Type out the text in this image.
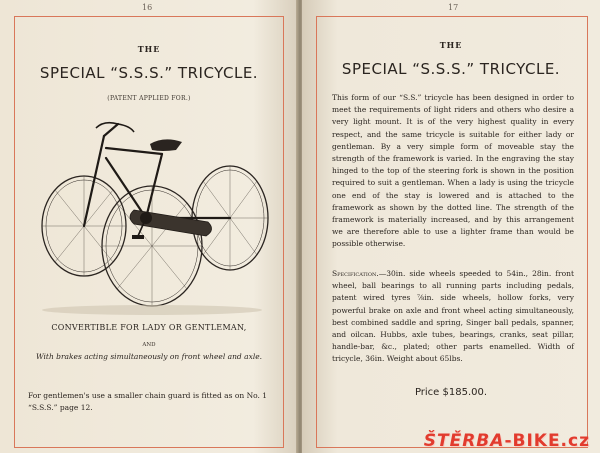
16
THE
SPECIAL “S.S.S.” TRICYCLE.
(PATENT APPLIED FOR.)
CONVERTIBLE FOR LADY OR GENTLEMAN,
AND
With brakes acting simultaneously on front wheel and axle.
For gentlemen's use a smaller chain guard is fitted as on No. 1 “S.S.S.” page 12.
17
THE
SPECIAL “S.S.S.” TRICYCLE.
This form of our “S.S.” tricycle has been designed in order to meet the requirements of light riders and others who desire a very light mount. It is of the very highest quality in every respect, and the same tricycle is suitable for either lady or gentleman. By a very simple form of moveable stay the strength of the framework is varied. In the engraving the stay hinged to the top of the steering fork is shown in the position required to suit a gentleman. When a lady is using the tricycle one end of the stay is lowered and is attached to the framework as shown by the dotted line. The strength of the framework is materially increased, and by this arrangement we are therefore able to use a lighter frame than would be possible otherwise.
Specification.—30in. side wheels speeded to 54in., 28in. front wheel, ball bearings to all running parts including pedals, patent wired tyres ⅞in. side wheels, hollow forks, very powerful brake on axle and front wheel acting simultaneously, best combined saddle and spring, Singer ball pedals, spanner, and oilcan. Hubbs, axle tubes, bearings, cranks, seat pillar, handle-bar, &c., plated; other parts enamelled. Width of tricycle, 36in. Weight about 65lbs.
Price $185.00.
ŠTĚRBA-BIKE.cz
